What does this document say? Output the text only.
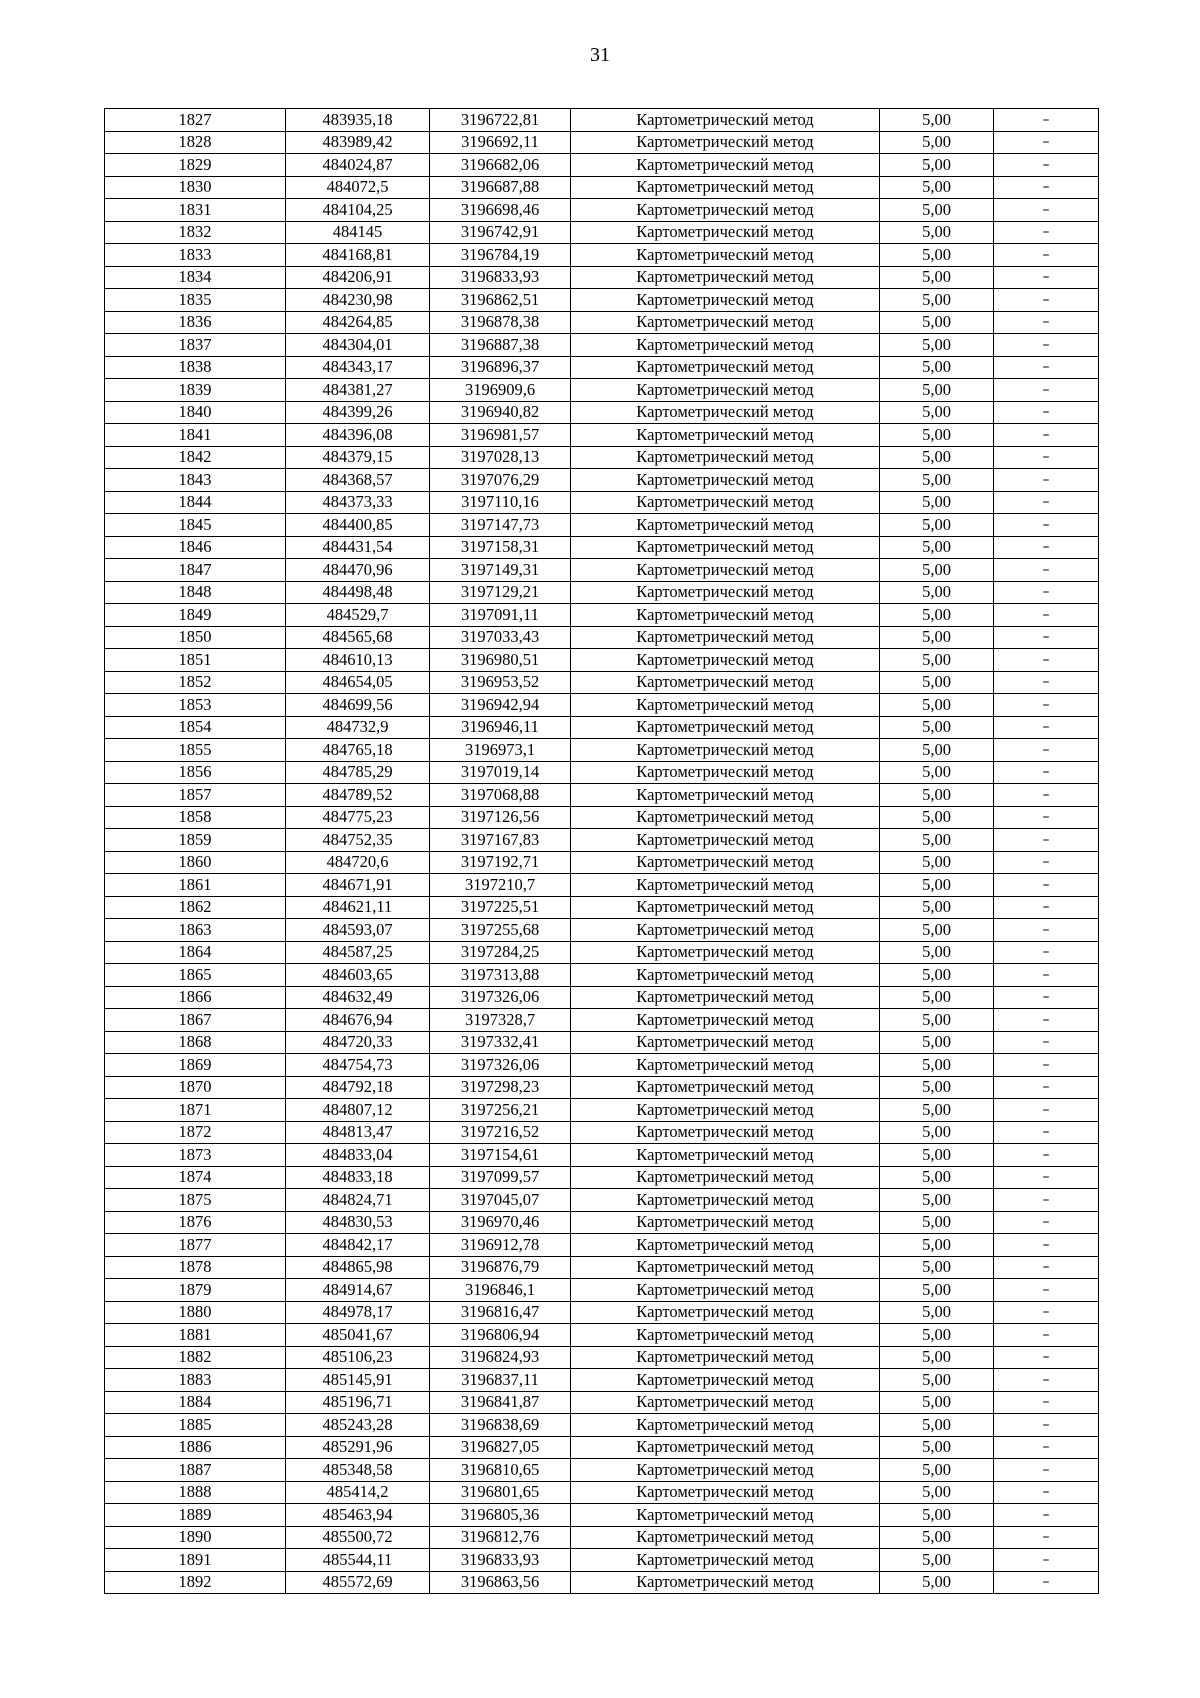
31
1827	483935,18	3196722,81	Картометрический метод	5,00	–
1828	483989,42	3196692,11	Картометрический метод	5,00	–
1829	484024,87	3196682,06	Картометрический метод	5,00	–
1830	484072,5	3196687,88	Картометрический метод	5,00	–
1831	484104,25	3196698,46	Картометрический метод	5,00	–
1832	484145	3196742,91	Картометрический метод	5,00	–
1833	484168,81	3196784,19	Картометрический метод	5,00	–
1834	484206,91	3196833,93	Картометрический метод	5,00	–
1835	484230,98	3196862,51	Картометрический метод	5,00	–
1836	484264,85	3196878,38	Картометрический метод	5,00	–
1837	484304,01	3196887,38	Картометрический метод	5,00	–
1838	484343,17	3196896,37	Картометрический метод	5,00	–
1839	484381,27	3196909,6	Картометрический метод	5,00	–
1840	484399,26	3196940,82	Картометрический метод	5,00	–
1841	484396,08	3196981,57	Картометрический метод	5,00	–
1842	484379,15	3197028,13	Картометрический метод	5,00	–
1843	484368,57	3197076,29	Картометрический метод	5,00	–
1844	484373,33	3197110,16	Картометрический метод	5,00	–
1845	484400,85	3197147,73	Картометрический метод	5,00	–
1846	484431,54	3197158,31	Картометрический метод	5,00	–
1847	484470,96	3197149,31	Картометрический метод	5,00	–
1848	484498,48	3197129,21	Картометрический метод	5,00	–
1849	484529,7	3197091,11	Картометрический метод	5,00	–
1850	484565,68	3197033,43	Картометрический метод	5,00	–
1851	484610,13	3196980,51	Картометрический метод	5,00	–
1852	484654,05	3196953,52	Картометрический метод	5,00	–
1853	484699,56	3196942,94	Картометрический метод	5,00	–
1854	484732,9	3196946,11	Картометрический метод	5,00	–
1855	484765,18	3196973,1	Картометрический метод	5,00	–
1856	484785,29	3197019,14	Картометрический метод	5,00	–
1857	484789,52	3197068,88	Картометрический метод	5,00	–
1858	484775,23	3197126,56	Картометрический метод	5,00	–
1859	484752,35	3197167,83	Картометрический метод	5,00	–
1860	484720,6	3197192,71	Картометрический метод	5,00	–
1861	484671,91	3197210,7	Картометрический метод	5,00	–
1862	484621,11	3197225,51	Картометрический метод	5,00	–
1863	484593,07	3197255,68	Картометрический метод	5,00	–
1864	484587,25	3197284,25	Картометрический метод	5,00	–
1865	484603,65	3197313,88	Картометрический метод	5,00	–
1866	484632,49	3197326,06	Картометрический метод	5,00	–
1867	484676,94	3197328,7	Картометрический метод	5,00	–
1868	484720,33	3197332,41	Картометрический метод	5,00	–
1869	484754,73	3197326,06	Картометрический метод	5,00	–
1870	484792,18	3197298,23	Картометрический метод	5,00	–
1871	484807,12	3197256,21	Картометрический метод	5,00	–
1872	484813,47	3197216,52	Картометрический метод	5,00	–
1873	484833,04	3197154,61	Картометрический метод	5,00	–
1874	484833,18	3197099,57	Картометрический метод	5,00	–
1875	484824,71	3197045,07	Картометрический метод	5,00	–
1876	484830,53	3196970,46	Картометрический метод	5,00	–
1877	484842,17	3196912,78	Картометрический метод	5,00	–
1878	484865,98	3196876,79	Картометрический метод	5,00	–
1879	484914,67	3196846,1	Картометрический метод	5,00	–
1880	484978,17	3196816,47	Картометрический метод	5,00	–
1881	485041,67	3196806,94	Картометрический метод	5,00	–
1882	485106,23	3196824,93	Картометрический метод	5,00	–
1883	485145,91	3196837,11	Картометрический метод	5,00	–
1884	485196,71	3196841,87	Картометрический метод	5,00	–
1885	485243,28	3196838,69	Картометрический метод	5,00	–
1886	485291,96	3196827,05	Картометрический метод	5,00	–
1887	485348,58	3196810,65	Картометрический метод	5,00	–
1888	485414,2	3196801,65	Картометрический метод	5,00	–
1889	485463,94	3196805,36	Картометрический метод	5,00	–
1890	485500,72	3196812,76	Картометрический метод	5,00	–
1891	485544,11	3196833,93	Картометрический метод	5,00	–
1892	485572,69	3196863,56	Картометрический метод	5,00	–
